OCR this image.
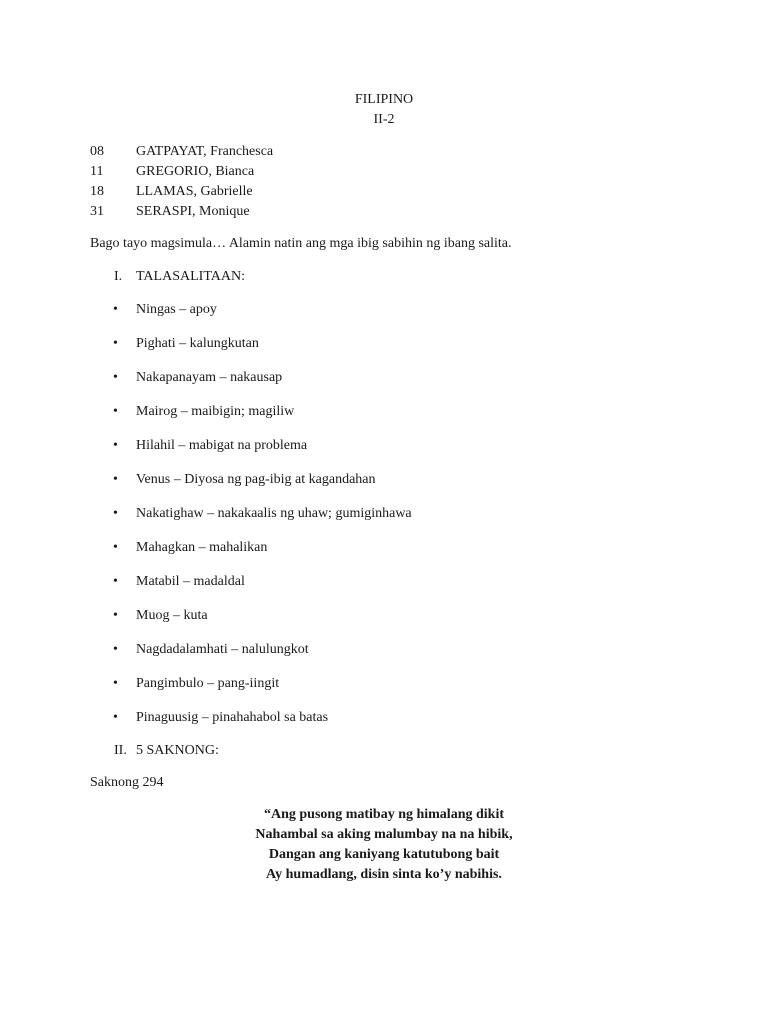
FILIPINO
II-2
08	GATPAYAT, Franchesca
11	GREGORIO, Bianca
18	LLAMAS, Gabrielle
31	SERASPI, Monique
Bago tayo magsimula… Alamin natin ang mga ibig sabihin ng ibang salita.
I. TALASALITAAN:
•	Ningas – apoy
•	Pighati – kalungkutan
•	Nakapanayam – nakausap
•	Mairog – maibigin; magiliw
•	Hilahil – mabigat na problema
•	Venus – Diyosa ng pag-ibig at kagandahan
•	Nakatighaw – nakakaalis ng uhaw; gumiginhawa
•	Mahagkan – mahalikan
•	Matabil – madaldal
•	Muog – kuta
•	Nagdadalamhati – nalulungkot
•	Pangimbulo – pang-iingit
•	Pinaguusig – pinahahabol sa batas
II. 5 SAKNONG:
Saknong 294
“Ang pusong matibay ng himalang dikit
Nahambal sa aking malumbay na na hibik,
Dangan ang kaniyang katutubong bait
Ay humadlang, disin sinta ko’y nabihis.
